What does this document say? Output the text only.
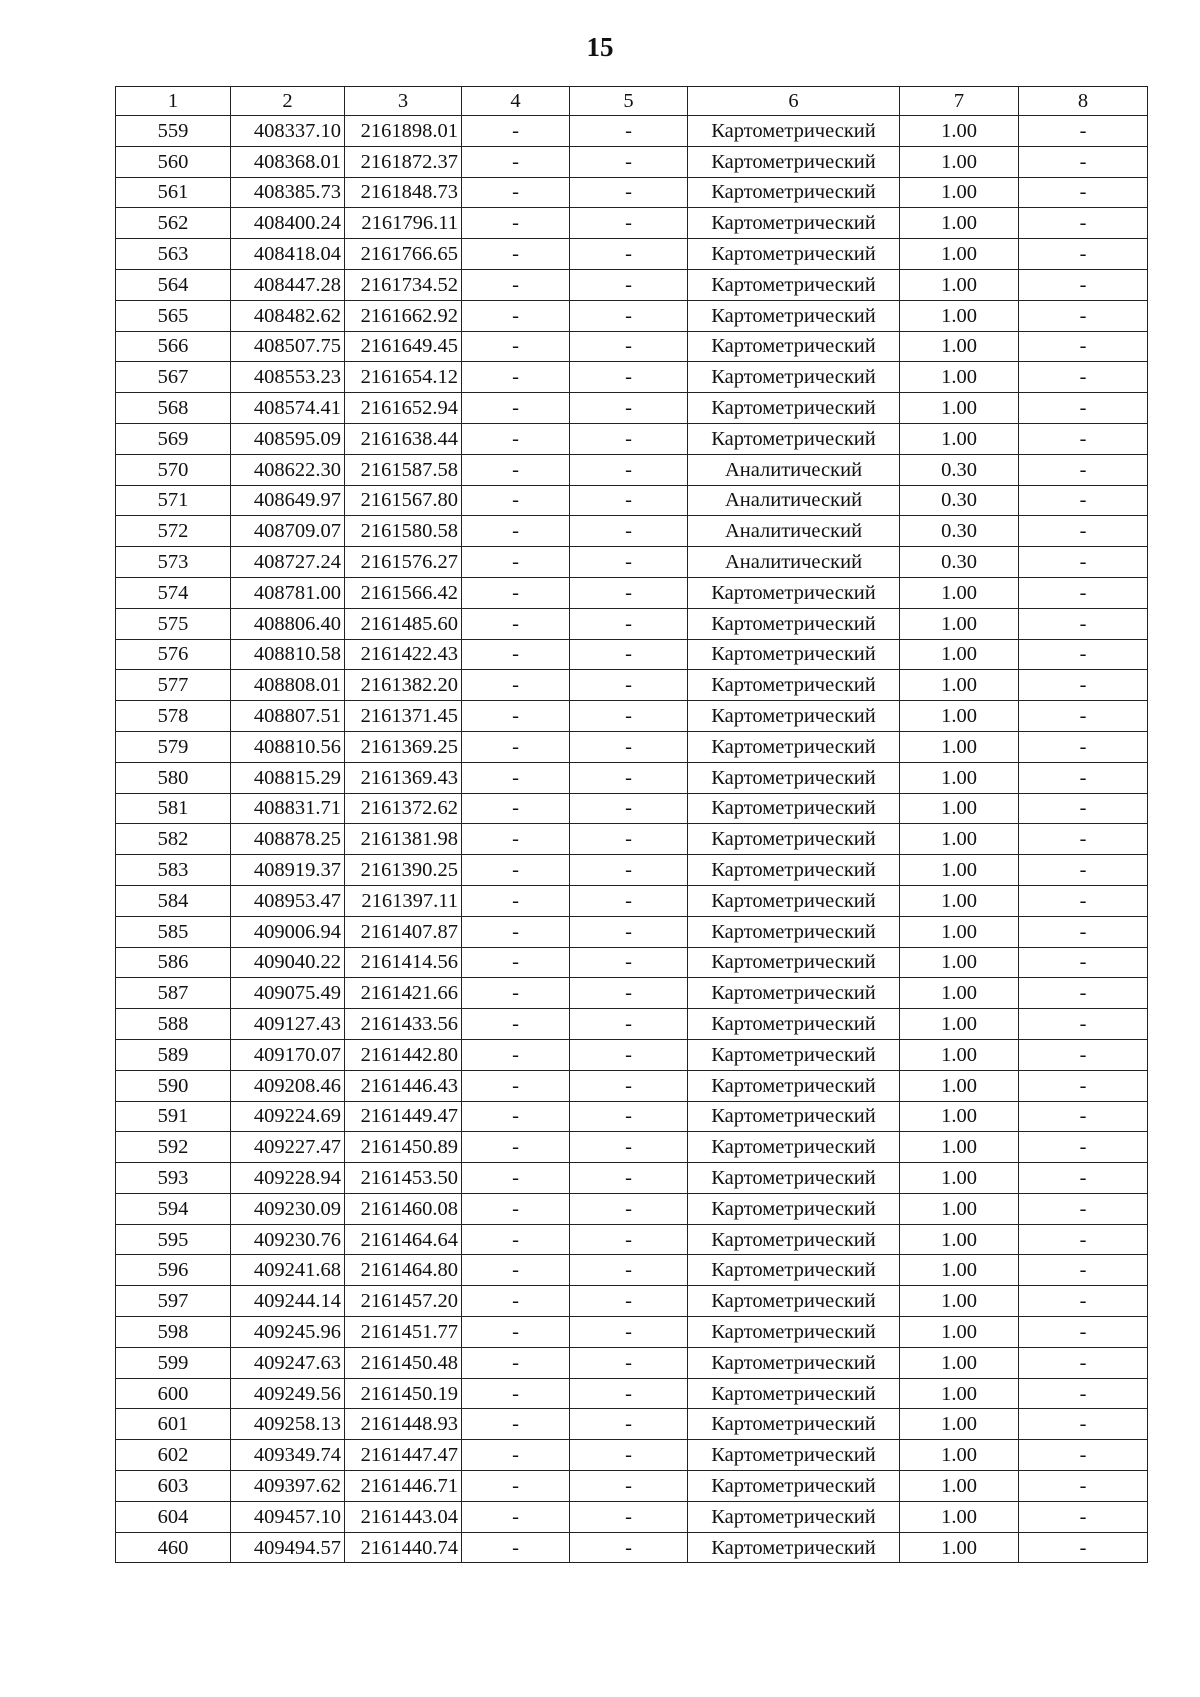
15
1	2	3	4	5	6	7	8
559	408337.10	2161898.01	-	-	Картометрический	1.00	-
560	408368.01	2161872.37	-	-	Картометрический	1.00	-
561	408385.73	2161848.73	-	-	Картометрический	1.00	-
562	408400.24	2161796.11	-	-	Картометрический	1.00	-
563	408418.04	2161766.65	-	-	Картометрический	1.00	-
564	408447.28	2161734.52	-	-	Картометрический	1.00	-
565	408482.62	2161662.92	-	-	Картометрический	1.00	-
566	408507.75	2161649.45	-	-	Картометрический	1.00	-
567	408553.23	2161654.12	-	-	Картометрический	1.00	-
568	408574.41	2161652.94	-	-	Картометрический	1.00	-
569	408595.09	2161638.44	-	-	Картометрический	1.00	-
570	408622.30	2161587.58	-	-	Аналитический	0.30	-
571	408649.97	2161567.80	-	-	Аналитический	0.30	-
572	408709.07	2161580.58	-	-	Аналитический	0.30	-
573	408727.24	2161576.27	-	-	Аналитический	0.30	-
574	408781.00	2161566.42	-	-	Картометрический	1.00	-
575	408806.40	2161485.60	-	-	Картометрический	1.00	-
576	408810.58	2161422.43	-	-	Картометрический	1.00	-
577	408808.01	2161382.20	-	-	Картометрический	1.00	-
578	408807.51	2161371.45	-	-	Картометрический	1.00	-
579	408810.56	2161369.25	-	-	Картометрический	1.00	-
580	408815.29	2161369.43	-	-	Картометрический	1.00	-
581	408831.71	2161372.62	-	-	Картометрический	1.00	-
582	408878.25	2161381.98	-	-	Картометрический	1.00	-
583	408919.37	2161390.25	-	-	Картометрический	1.00	-
584	408953.47	2161397.11	-	-	Картометрический	1.00	-
585	409006.94	2161407.87	-	-	Картометрический	1.00	-
586	409040.22	2161414.56	-	-	Картометрический	1.00	-
587	409075.49	2161421.66	-	-	Картометрический	1.00	-
588	409127.43	2161433.56	-	-	Картометрический	1.00	-
589	409170.07	2161442.80	-	-	Картометрический	1.00	-
590	409208.46	2161446.43	-	-	Картометрический	1.00	-
591	409224.69	2161449.47	-	-	Картометрический	1.00	-
592	409227.47	2161450.89	-	-	Картометрический	1.00	-
593	409228.94	2161453.50	-	-	Картометрический	1.00	-
594	409230.09	2161460.08	-	-	Картометрический	1.00	-
595	409230.76	2161464.64	-	-	Картометрический	1.00	-
596	409241.68	2161464.80	-	-	Картометрический	1.00	-
597	409244.14	2161457.20	-	-	Картометрический	1.00	-
598	409245.96	2161451.77	-	-	Картометрический	1.00	-
599	409247.63	2161450.48	-	-	Картометрический	1.00	-
600	409249.56	2161450.19	-	-	Картометрический	1.00	-
601	409258.13	2161448.93	-	-	Картометрический	1.00	-
602	409349.74	2161447.47	-	-	Картометрический	1.00	-
603	409397.62	2161446.71	-	-	Картометрический	1.00	-
604	409457.10	2161443.04	-	-	Картометрический	1.00	-
460	409494.57	2161440.74	-	-	Картометрический	1.00	-
